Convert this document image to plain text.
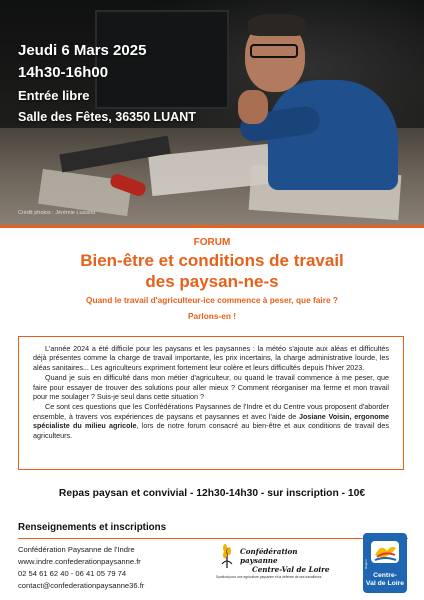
Jeudi 6 Mars 2025
14h30-16h00
Entrée libre
Salle des Fêtes, 36350 LUANT
Crédit photos : Jérémie Lussiou
FORUM
Bien-être et conditions de travail
des paysan-ne-s
Quand le travail d'agriculteur-ice commence à peser, que faire ?
Parlons-en !

L'année 2024 a été difficile pour les paysans et les paysannes : la météo s'ajoute aux aléas et difficultés déjà présentes comme la charge de travail importante, les prix incertains, la charge administrative lourde, les aléas sanitaires... Les agriculteurs expriment fortement leur colère et leurs difficultés depuis l'hiver 2023.

Quand je suis en difficulté dans mon métier d'agriculteur, ou quand le travail commence à me peser, que faire pour essayer de trouver des solutions pour aller mieux ? Comment réorganiser ma ferme et mon travail pour me soulager ? Suis-je seul dans cette situation ?

Ce sont ces questions que les Confédérations Paysannes de l'Indre et du Centre vous proposent d'aborder ensemble, à travers vos expériences de paysans et paysannes et avec l'aide de Josiane Voisin, ergonome spécialiste du milieu agricole, lors de notre forum consacré au bien-être et aux conditions de travail des agriculteurs.

Repas paysan et convivial - 12h30-14h30 - sur inscription - 10€
Renseignements et inscriptions
Confédération Paysanne de l'Indre
www.indre.confederationpaysanne.fr
02 54 61 62 40 - 06 41 05 79 74
contact@confederationpaysanne36.fr
Confédération paysanne
Centre-Val de Loire
Syndicat pour une agriculture paysanne et la défense de ses travailleurs
Région
Centre-
Val de Loire
